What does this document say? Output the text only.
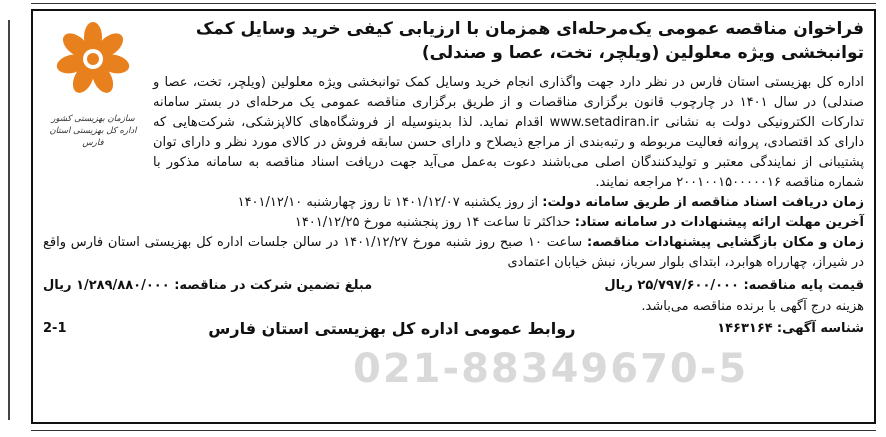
سازمان بهزیستی کشور
اداره کل بهزیستی استان فارس
فراخوان مناقصه عمومی یک‌مرحله‌ای همزمان با ارزیابی کیفی خرید وسایل کمک توانبخشی ویژه معلولین (ویلچر، تخت، عصا و صندلی)
اداره کل بهزیستی استان فارس در نظر دارد جهت واگذاری انجام خرید وسایل کمک توانبخشی ویژه معلولین (ویلچر، تخت، عصا و صندلی) در سال ۱۴۰۱ در چارچوب قانون برگزاری مناقصات و از طریق برگزاری مناقصه عمومی یک مرحله‌ای در بستر سامانه تدارکات الکترونیکی دولت به نشانی www.setadiran.ir اقدام نماید. لذا بدینوسیله از فروشگاه‌های کالاپزشکی، شرکت‌هایی که دارای کد اقتصادی، پروانه فعالیت مربوطه و رتبه‌بندی از مراجع ذیصلاح و دارای حسن سابقه فروش در کالای مورد نظر و دارای توان پشتیبانی از نمایندگی معتبر و تولیدکنندگان اصلی می‌باشند دعوت به‌عمل می‌آید جهت دریافت اسناد مناقصه به سامانه مذکور با شماره مناقصه ۲۰۰۱۰۰۱۵۰۰۰۰۰۱۶ مراجعه نمایند.
زمان دریافت اسناد مناقصه از طریق سامانه دولت: از روز یکشنبه ۱۴۰۱/۱۲/۰۷ تا روز چهارشنبه ۱۴۰۱/۱۲/۱۰
آخرین مهلت ارائه پیشنهادات در سامانه ستاد: حداکثر تا ساعت ۱۴ روز پنجشنبه مورخ ۱۴۰۱/۱۲/۲۵
زمان و مکان بازگشایی پیشنهادات مناقصه: ساعت ۱۰ صبح روز شنبه مورخ ۱۴۰۱/۱۲/۲۷ در سالن جلسات اداره کل بهزیستی استان فارس واقع در شیراز، چهارراه هوابرد، ابتدای بلوار سرباز، نبش خیابان اعتمادی
قیمت پایه مناقصه: ۲۵/۷۹۷/۶۰۰/۰۰۰ ریال
مبلغ تضمین شرکت در مناقصه: ۱/۲۸۹/۸۸۰/۰۰۰ ریال
هزینه درج آگهی با برنده مناقصه می‌باشد.
شناسه آگهی: ۱۴۶۳۱۶۴
روابط عمومی اداره کل بهزیستی استان فارس
2-1
021-88349670-5
